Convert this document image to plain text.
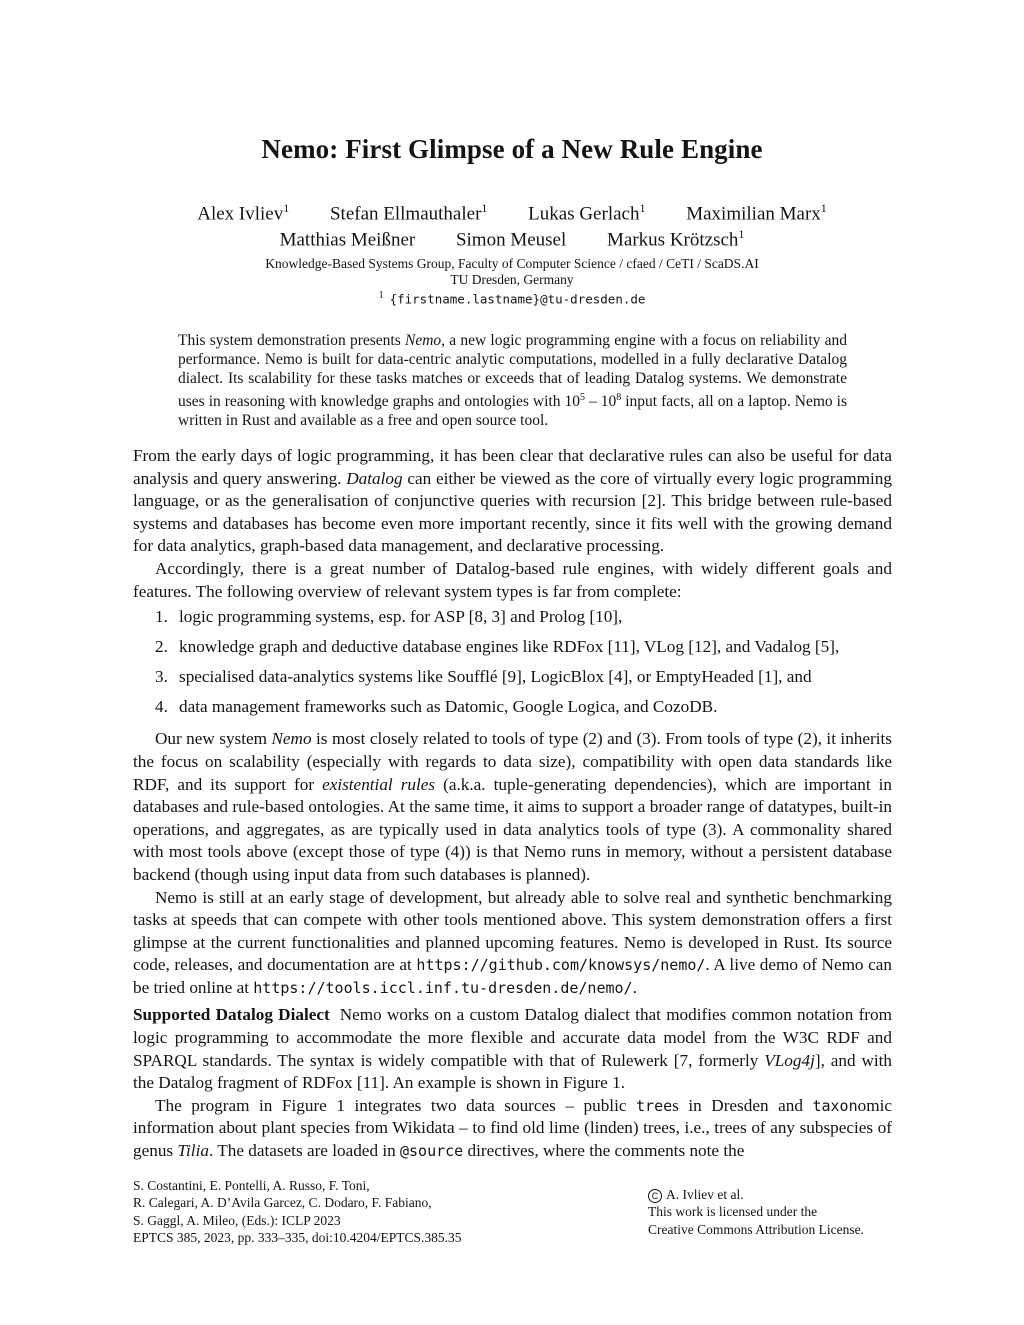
Nemo: First Glimpse of a New Rule Engine
Alex Ivliev$^1$ Stefan Ellmauthaler$^1$ Lukas Gerlach$^1$ Maximilian Marx$^1$
Matthias Meißner Simon Meusel Markus Krötzsch$^1$
Knowledge-Based Systems Group, Faculty of Computer Science / cfaed / CeTI / ScaDS.AI
TU Dresden, Germany
$^1$ {firstname.lastname}@tu-dresden.de

This system demonstration presents Nemo, a new logic programming engine with a focus on reliability and performance. Nemo is built for data-centric analytic computations, modelled in a fully declarative Datalog dialect. Its scalability for these tasks matches or exceeds that of leading Datalog systems. We demonstrate uses in reasoning with knowledge graphs and ontologies with $10^5 - 10^8$ input facts, all on a laptop. Nemo is written in Rust and available as a free and open source tool.

From the early days of logic programming, it has been clear that declarative rules can also be useful for data analysis and query answering. Datalog can either be viewed as the core of virtually every logic programming language, or as the generalisation of conjunctive queries with recursion [2]. This bridge between rule-based systems and databases has become even more important recently, since it fits well with the growing demand for data analytics, graph-based data management, and declarative processing.

Accordingly, there is a great number of Datalog-based rule engines, with widely different goals and features. The following overview of relevant system types is far from complete:

1. logic programming systems, esp. for ASP [8, 3] and Prolog [10],
2. knowledge graph and deductive database engines like RDFox [11], VLog [12], and Vadalog [5],
3. specialised data-analytics systems like Soufflé [9], LogicBlox [4], or EmptyHeaded [1], and
4. data management frameworks such as Datomic, Google Logica, and CozoDB.

Our new system Nemo is most closely related to tools of type (2) and (3). From tools of type (2), it inherits the focus on scalability (especially with regards to data size), compatibility with open data standards like RDF, and its support for existential rules (a.k.a. tuple-generating dependencies), which are important in databases and rule-based ontologies. At the same time, it aims to support a broader range of datatypes, built-in operations, and aggregates, as are typically used in data analytics tools of type (3). A commonality shared with most tools above (except those of type (4)) is that Nemo runs in memory, without a persistent database backend (though using input data from such databases is planned).

Nemo is still at an early stage of development, but already able to solve real and synthetic benchmarking tasks at speeds that can compete with other tools mentioned above. This system demonstration offers a first glimpse at the current functionalities and planned upcoming features. Nemo is developed in Rust. Its source code, releases, and documentation are at https://github.com/knowsys/nemo/. A live demo of Nemo can be tried online at https://tools.iccl.inf.tu-dresden.de/nemo/.

Supported Datalog Dialect Nemo works on a custom Datalog dialect that modifies common notation from logic programming to accommodate the more flexible and accurate data model from the W3C RDF and SPARQL standards. The syntax is widely compatible with that of Rulewerk [7, formerly VLog4j], and with the Datalog fragment of RDFox [11]. An example is shown in Figure 1.

The program in Figure 1 integrates two data sources – public trees in Dresden and taxonomic information about plant species from Wikidata – to find old lime (linden) trees, i.e., trees of any subspecies of genus Tilia. The datasets are loaded in @source directives, where the comments note the

S. Costantini, E. Pontelli, A. Russo, F. Toni,
R. Calegari, A. D’Avila Garcez, C. Dodaro, F. Fabiano,
S. Gaggl, A. Mileo, (Eds.): ICLP 2023
EPTCS 385, 2023, pp. 333–335, doi:10.4204/EPTCS.385.35
C A. Ivliev et al.
This work is licensed under the
Creative Commons Attribution License.
